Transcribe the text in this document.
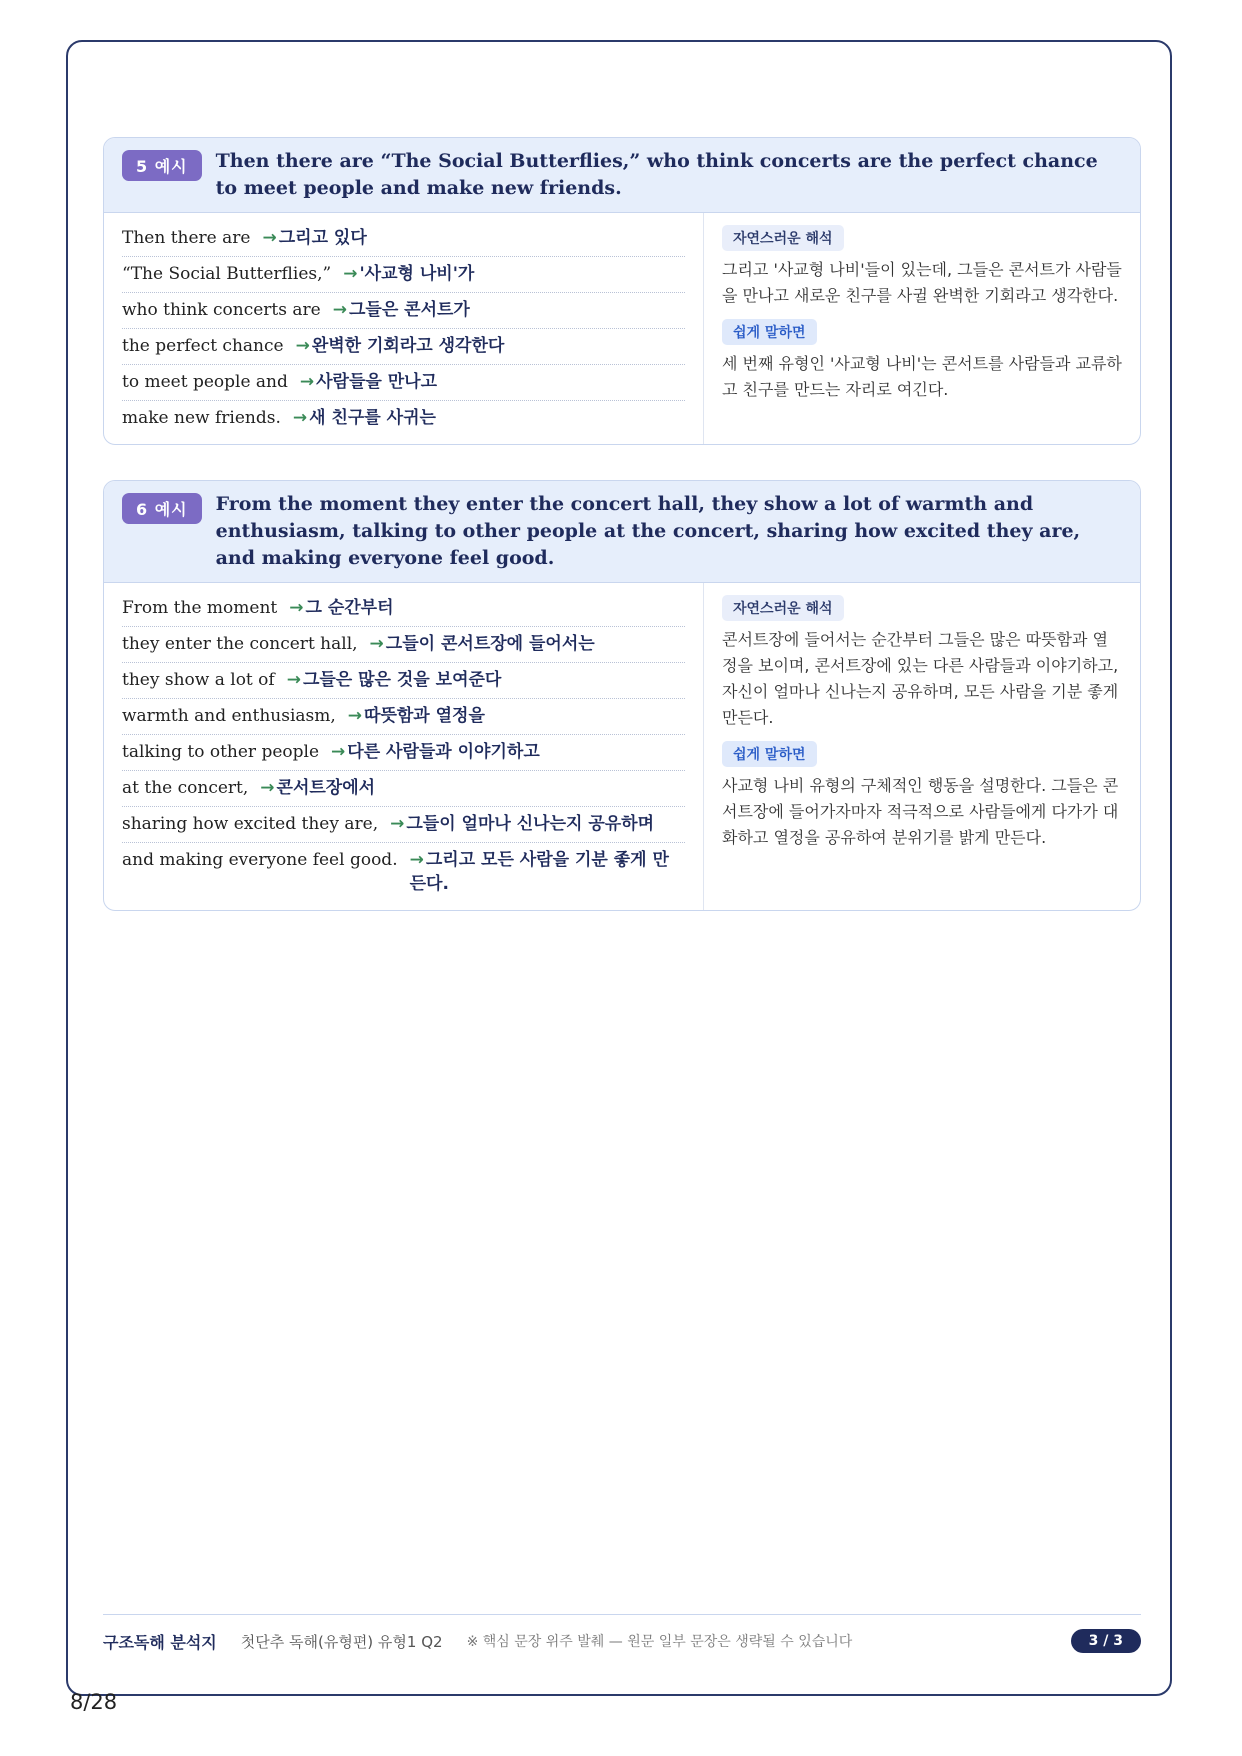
5 예시	Then there are “The Social Butterflies,” who think concerts are the perfect chance to meet people and make new friends.
Then there are → 그리고 있다
“The Social Butterflies,” → '사교형 나비'가
who think concerts are → 그들은 콘서트가
the perfect chance → 완벽한 기회라고 생각한다
to meet people and → 사람들을 만나고
make new friends. → 새 친구를 사귀는
자연스러운 해석

그리고 '사교형 나비'들이 있는데, 그들은 콘서트가 사람들을 만나고 새로운 친구를 사귈 완벽한 기회라고 생각한다.

쉽게 말하면

세 번째 유형인 '사교형 나비'는 콘서트를 사람들과 교류하고 친구를 만드는 자리로 여긴다.

6 예시	From the moment they enter the concert hall, they show a lot of warmth and enthusiasm, talking to other people at the concert, sharing how excited they are, and making everyone feel good.
From the moment → 그 순간부터
they enter the concert hall, → 그들이 콘서트장에 들어서는
they show a lot of → 그들은 많은 것을 보여준다
warmth and enthusiasm, → 따뜻함과 열정을
talking to other people → 다른 사람들과 이야기하고
at the concert, → 콘서트장에서
sharing how excited they are, → 그들이 얼마나 신나는지 공유하며
and making everyone feel good. → 그리고 모든 사람을 기분 좋게 만든다.
자연스러운 해석

콘서트장에 들어서는 순간부터 그들은 많은 따뜻함과 열정을 보이며, 콘서트장에 있는 다른 사람들과 이야기하고, 자신이 얼마나 신나는지 공유하며, 모든 사람을 기분 좋게 만든다.

쉽게 말하면

사교형 나비 유형의 구체적인 행동을 설명한다. 그들은 콘서트장에 들어가자마자 적극적으로 사람들에게 다가가 대화하고 열정을 공유하여 분위기를 밝게 만든다.

구조독해 분석지 첫단추 독해(유형편) 유형1 Q2 ※ 핵심 문장 위주 발췌 — 원문 일부 문장은 생략될 수 있습니다	3 / 3
8/28
